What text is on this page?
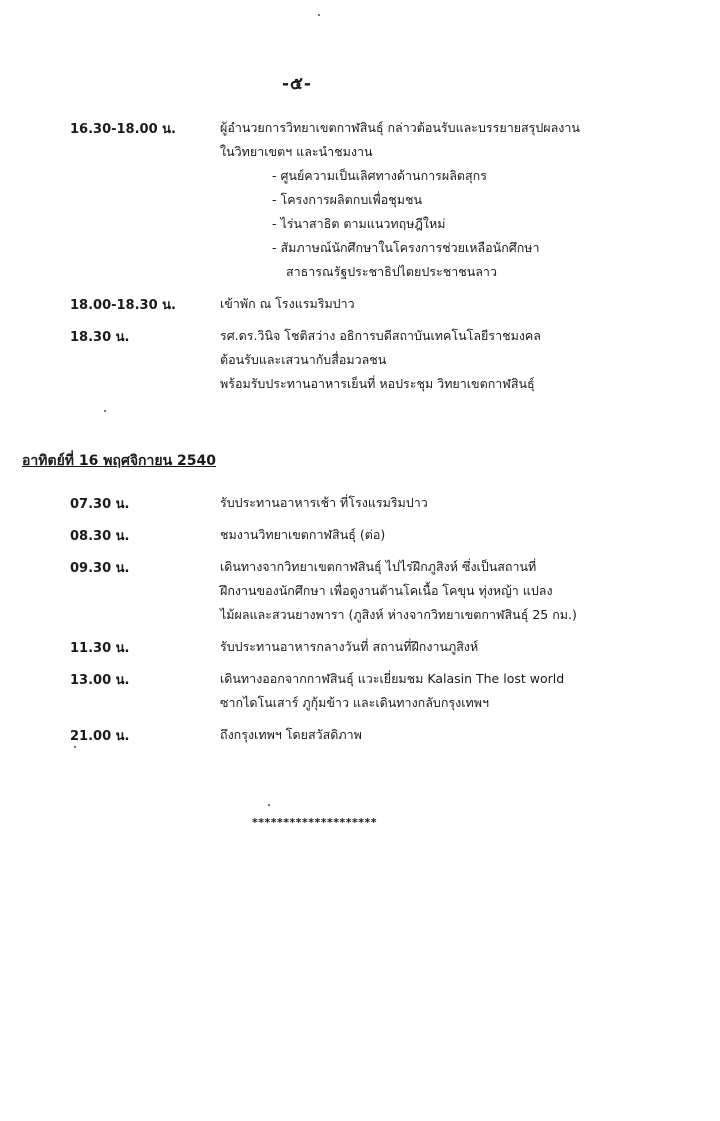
-๕-
16.30-18.00 น.	ผู้อำนวยการวิทยาเขตกาฬสินธุ์ กล่าวต้อนรับและบรรยายสรุปผลงาน
ในวิทยาเขตฯ และนำชมงาน
- ศูนย์ความเป็นเลิศทางด้านการผลิตสุกร
- โครงการผลิตกบเพื่อชุมชน
- ไร่นาสาธิต ตามแนวทฤษฎีใหม่
- สัมภาษณ์นักศึกษาในโครงการช่วยเหลือนักศึกษา
สาธารณรัฐประชาธิปไตยประชาชนลาว
18.00-18.30 น.	เข้าพัก ณ โรงแรมริมปาว
18.30 น.	รศ.ดร.วินิจ โชติสว่าง อธิการบดีสถาบันเทคโนโลยีราชมงคล
ต้อนรับและเสวนากับสื่อมวลชน
พร้อมรับประทานอาหารเย็นที่ หอประชุม วิทยาเขตกาฬสินธุ์
อาทิตย์ที่ 16 พฤศจิกายน 2540
07.30 น.	รับประทานอาหารเช้า ที่โรงแรมริมปาว
08.30 น.	ชมงานวิทยาเขตกาฬสินธุ์ (ต่อ)
09.30 น.	เดินทางจากวิทยาเขตกาฬสินธุ์ ไปไร่ฝึกภูสิงห์ ซึ่งเป็นสถานที่
ฝึกงานของนักศึกษา เพื่อดูงานด้านโคเนื้อ โคขุน ทุ่งหญ้า แปลง
ไม้ผลและสวนยางพารา (ภูสิงห์ ห่างจากวิทยาเขตกาฬสินธุ์ 25 กม.)
11.30 น.	รับประทานอาหารกลางวันที่ สถานที่ฝึกงานภูสิงห์
13.00 น.	เดินทางออกจากกาฬสินธุ์ แวะเยี่ยมชม Kalasin The lost world
ซากไดโนเสาร์ ภูกุ้มข้าว และเดินทางกลับกรุงเทพฯ
21.00 น.	ถึงกรุงเทพฯ โดยสวัสดิภาพ
********************
